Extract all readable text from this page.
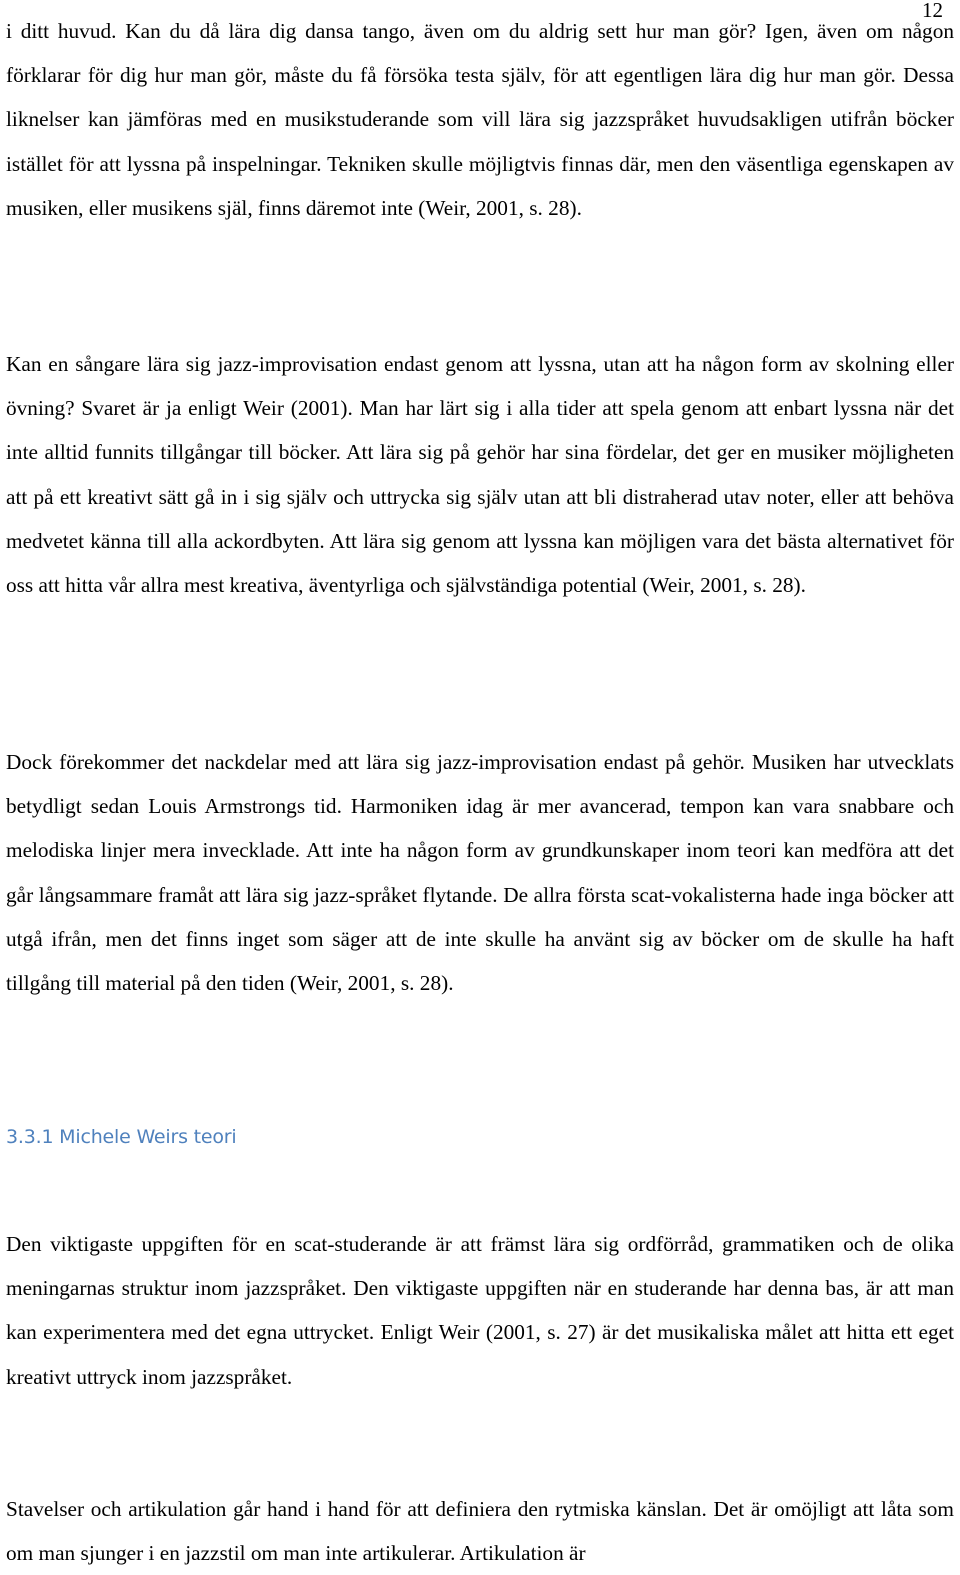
12

i ditt huvud. Kan du då lära dig dansa tango, även om du aldrig sett hur man gör? Igen, även om någon förklarar för dig hur man gör, måste du få försöka testa själv, för att egentligen lära dig hur man gör. Dessa liknelser kan jämföras med en musikstuderande som vill lära sig jazzspråket huvudsakligen utifrån böcker istället för att lyssna på inspelningar. Tekniken skulle möjligtvis finnas där, men den väsentliga egenskapen av musiken, eller musikens själ, finns däremot inte (Weir, 2001, s. 28).

Kan en sångare lära sig jazz-improvisation endast genom att lyssna, utan att ha någon form av skolning eller övning? Svaret är ja enligt Weir (2001). Man har lärt sig i alla tider att spela genom att enbart lyssna när det inte alltid funnits tillgångar till böcker. Att lära sig på gehör har sina fördelar, det ger en musiker möjligheten att på ett kreativt sätt gå in i sig själv och uttrycka sig själv utan att bli distraherad utav noter, eller att behöva medvetet känna till alla ackordbyten. Att lära sig genom att lyssna kan möjligen vara det bästa alternativet för oss att hitta vår allra mest kreativa, äventyrliga och självständiga potential (Weir, 2001, s. 28).

Dock förekommer det nackdelar med att lära sig jazz-improvisation endast på gehör. Musiken har utvecklats betydligt sedan Louis Armstrongs tid. Harmoniken idag är mer avancerad, tempon kan vara snabbare och melodiska linjer mera invecklade. Att inte ha någon form av grundkunskaper inom teori kan medföra att det går långsammare framåt att lära sig jazz-språket flytande. De allra första scat-vokalisterna hade inga böcker att utgå ifrån, men det finns inget som säger att de inte skulle ha använt sig av böcker om de skulle ha haft tillgång till material på den tiden (Weir, 2001, s. 28).

3.3.1 Michele Weirs teori

Den viktigaste uppgiften för en scat-studerande är att främst lära sig ordförråd, grammatiken och de olika meningarnas struktur inom jazzspråket. Den viktigaste uppgiften när en studerande har denna bas, är att man kan experimentera med det egna uttrycket. Enligt Weir (2001, s. 27) är det musikaliska målet att hitta ett eget kreativt uttryck inom jazzspråket.

Stavelser och artikulation går hand i hand för att definiera den rytmiska känslan. Det är omöjligt att låta som om man sjunger i en jazzstil om man inte artikulerar. Artikulation är
